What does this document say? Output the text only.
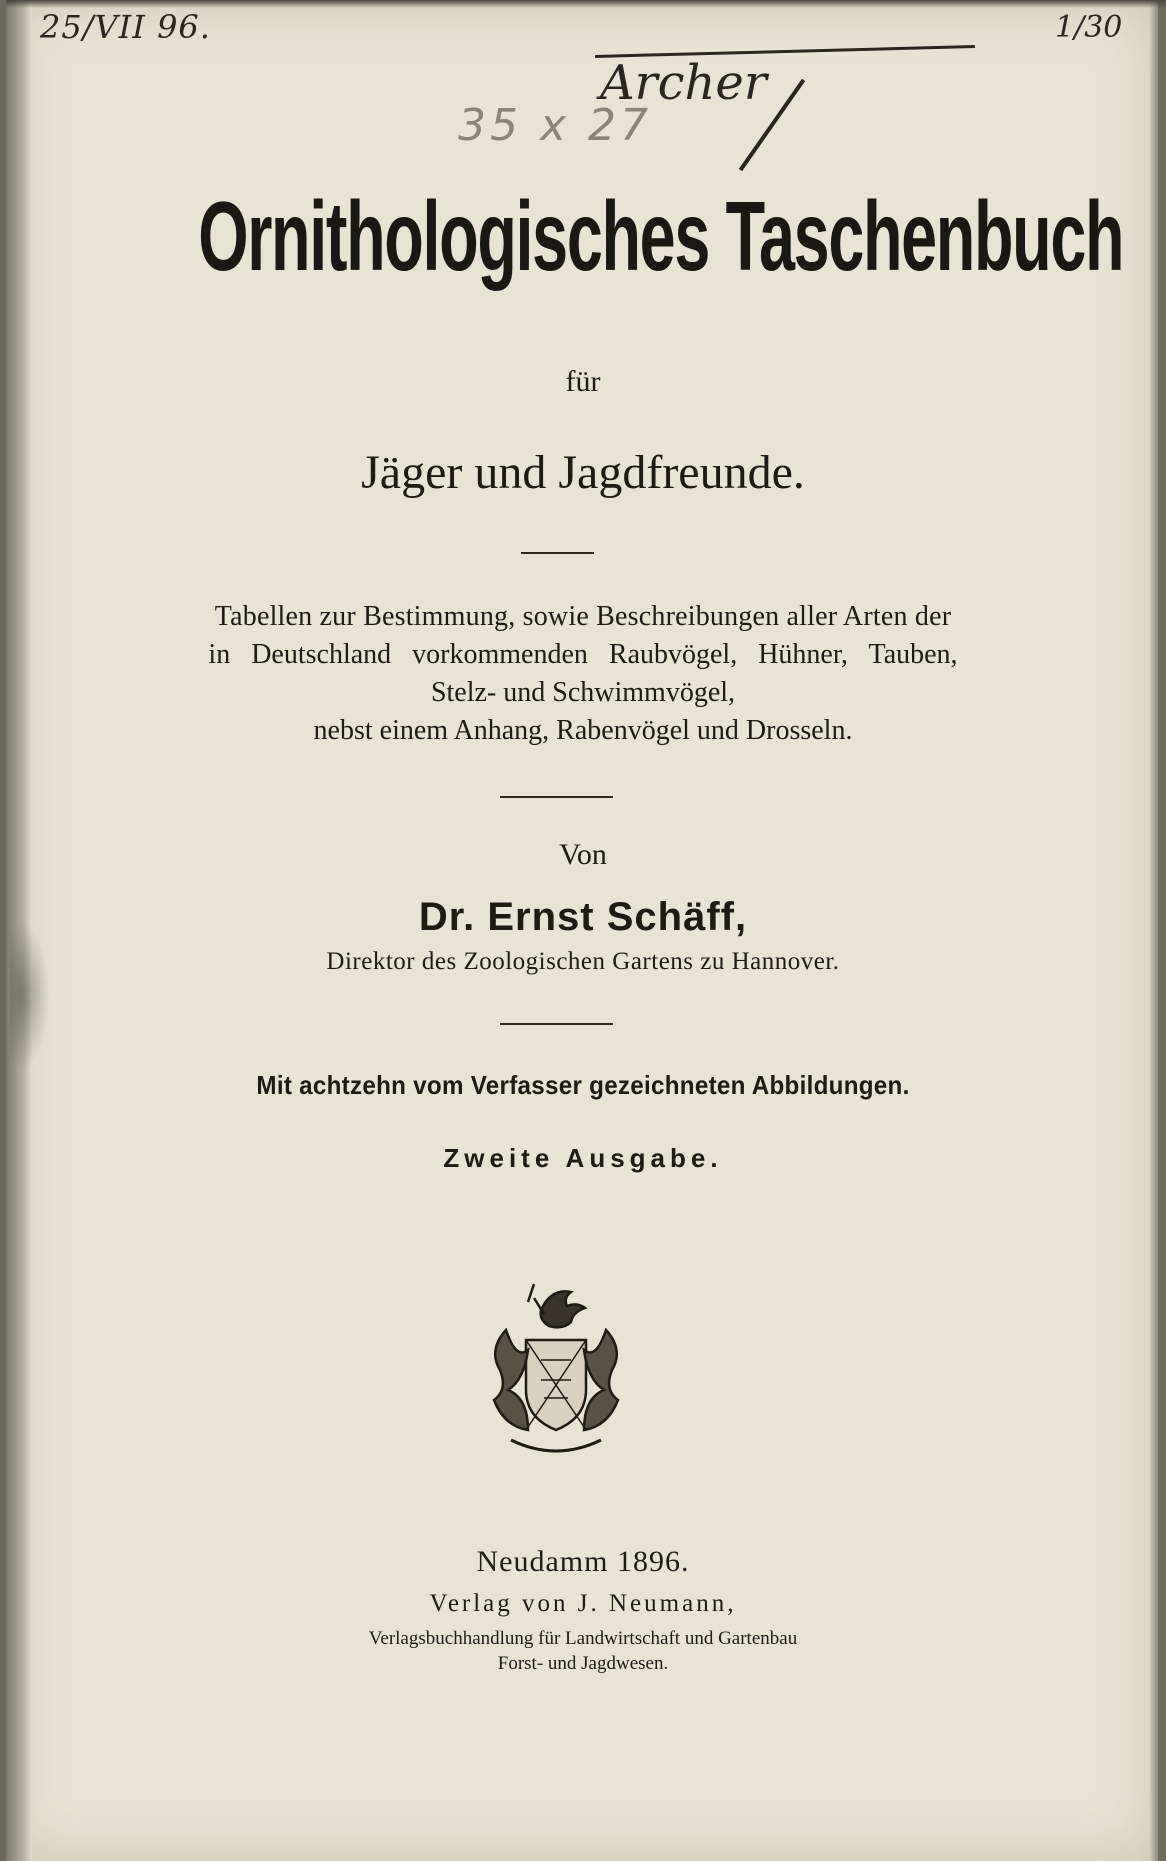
25/VII 96.	1/30
35 x 27
Archer
Ornithologisches Taschenbuch
für
Jäger und Jagdfreunde.
Tabellen zur Bestimmung, sowie Beschreibungen aller Arten der
in Deutschland vorkommenden Raubvögel, Hühner, Tauben,
Stelz- und Schwimmvögel,
nebst einem Anhang, Rabenvögel und Drosseln.
Von
Dr. Ernst Schäff,
Direktor des Zoologischen Gartens zu Hannover.
Mit achtzehn vom Verfasser gezeichneten Abbildungen.
Zweite Ausgabe.
Neudamm 1896.
Verlag von J. Neumann,
Verlagsbuchhandlung für Landwirtschaft und Gartenbau
Forst- und Jagdwesen.
